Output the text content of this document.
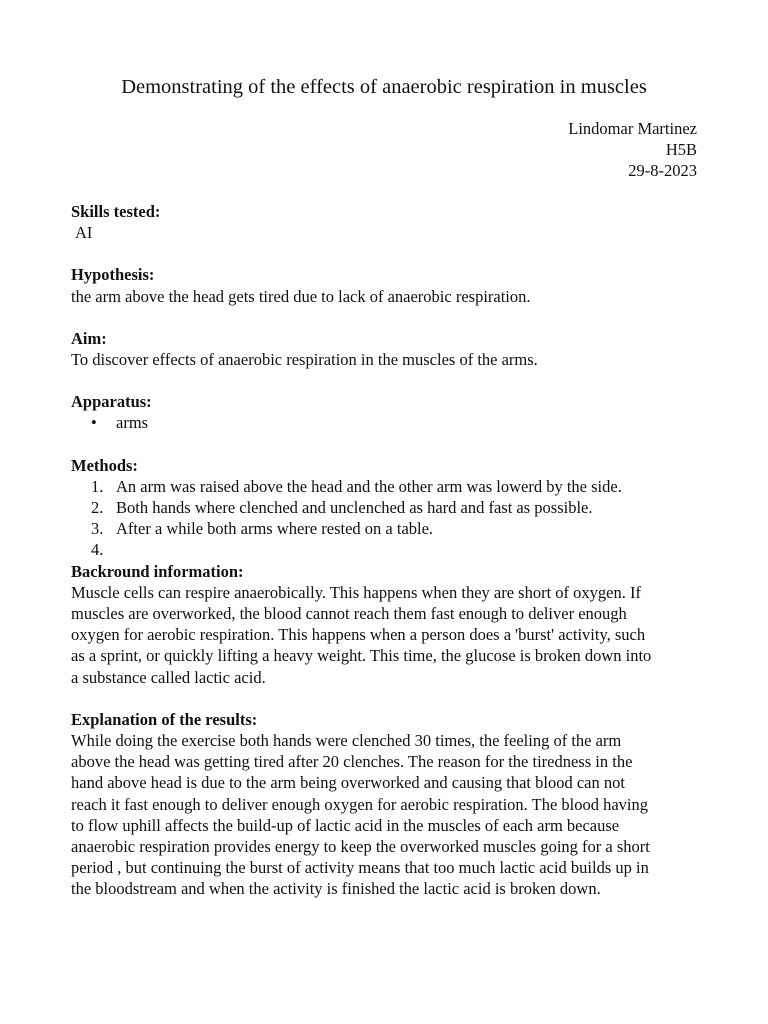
Demonstrating of the effects of anaerobic respiration in muscles
Lindomar Martinez
H5B
29-8-2023
Skills tested:
AI
Hypothesis:
the arm above the head gets tired due to lack of anaerobic respiration.
Aim:
To discover effects of anaerobic respiration in the muscles of the arms.
Apparatus:
• arms
Methods:
1. An arm was raised above the head and the other arm was lowerd by the side.
2. Both hands where clenched and unclenched as hard and fast as possible.
3. After a while both arms where rested on a table.
4.

Backround information:
Muscle cells can respire anaerobically. This happens when they are short of oxygen. If
muscles are overworked, the blood cannot reach them fast enough to deliver enough
oxygen for aerobic respiration. This happens when a person does a 'burst' activity, such
as a sprint, or quickly lifting a heavy weight. This time, the glucose is broken down into
a substance called lactic acid.
Explanation of the results:
While doing the exercise both hands were clenched 30 times, the feeling of the arm
above the head was getting tired after 20 clenches. The reason for the tiredness in the
hand above head is due to the arm being overworked and causing that blood can not
reach it fast enough to deliver enough oxygen for aerobic respiration. The blood having
to flow uphill affects the build-up of lactic acid in the muscles of each arm because
anaerobic respiration provides energy to keep the overworked muscles going for a short
period , but continuing the burst of activity means that too much lactic acid builds up in
the bloodstream and when the activity is finished the lactic acid is broken down.
